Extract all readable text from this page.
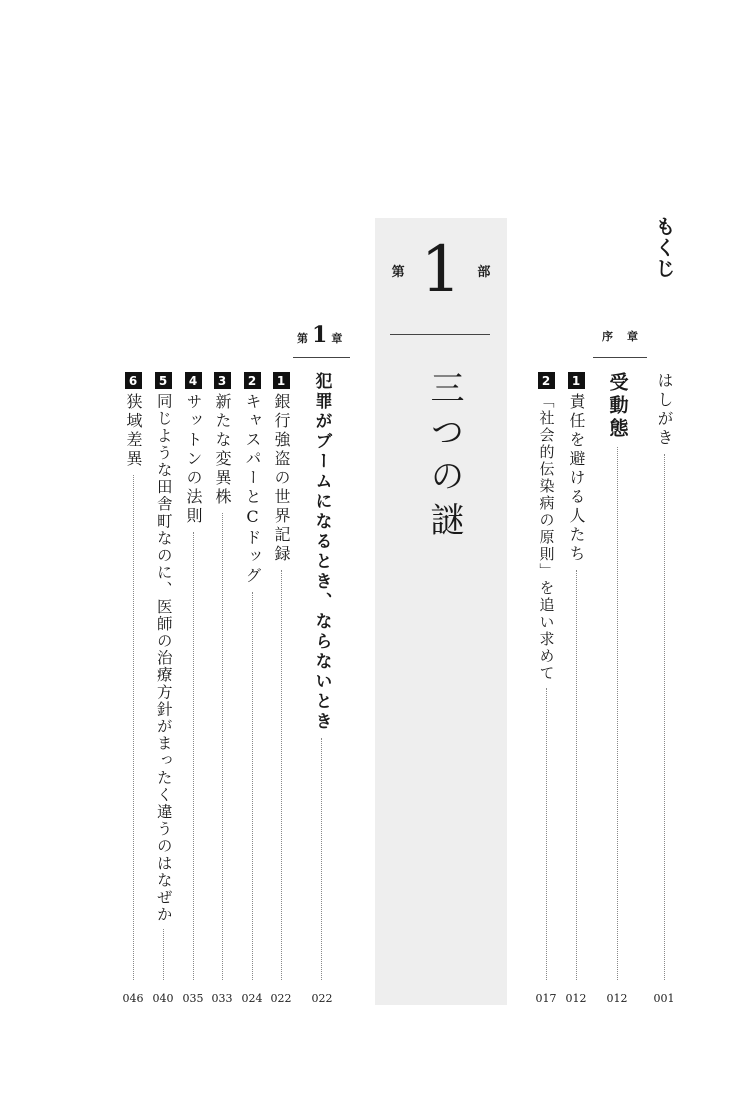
もくじ
はしがき
001
序 章
受動態
012
1
責任を避ける人たち
012
2
「社会的伝染病の原則」を追い求めて
017
第 1 部
三つの謎
第 1 章
犯罪がブームになるとき、ならないとき
022
1
銀行強盗の世界記録
022
2
キャスパーとCドッグ
024
3
新たな変異株
033
4
サットンの法則
035
5
同じような田舎町なのに、医師の治療方針がまったく違うのはなぜか
040
6
狭域差異
046
